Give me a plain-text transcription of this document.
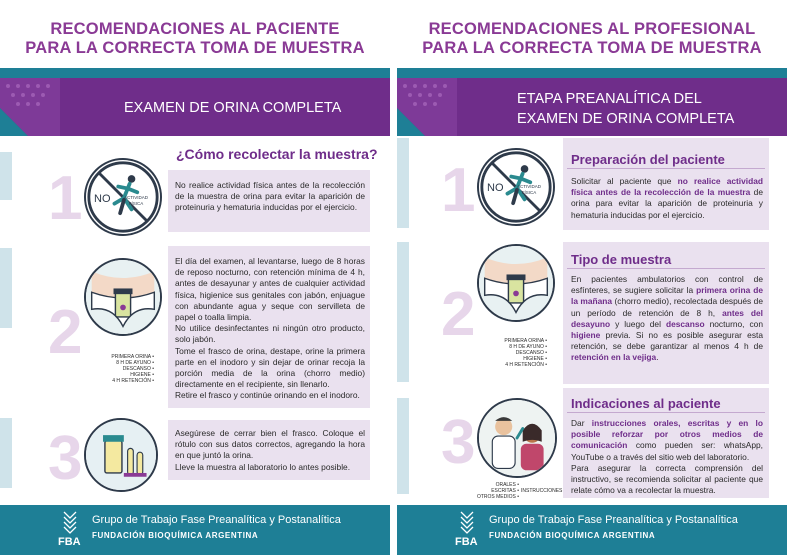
RECOMENDACIONES AL PACIENTE
PARA LA CORRECTA TOMA DE MUESTRA
EXAMEN DE ORINA COMPLETA
¿Cómo recolectar la muestra?
1 NO	ACTIVIDAD
FÍSICA
No realice actividad física antes de la recolección de la muestra de orina para evitar la aparición de proteinuria y hematuria inducidas por el ejercicio.
2	PRIMERA ORINA •
8 H DE AYUNO •
DESCANSO •
HIGIENE •
4 H RETENCIÓN •

El día del examen, al levantarse, luego de 8 horas de reposo nocturno, con retención mínima de 4 h, antes de desayunar y antes de cualquier actividad física, higienice sus genitales con jabón, enjuague con abundante agua y seque con servilleta de papel o toalla limpia.

No utilice desinfectantes ni ningún otro producto, solo jabón.

Tome el frasco de orina, destape, orine la primera parte en el inodoro y sin dejar de orinar recoja la porción media de la orina (chorro medio) directamente en el recipiente, sin llenarlo.

Retire el frasco y continúe orinando en el inodoro.

3	Asegúrese de cerrar bien el frasco. Coloque el rótulo con sus datos correctos, agregando la hora en que juntó la orina.

Lleve la muestra al laboratorio lo antes posible.

FBA
Grupo de Trabajo Fase Preanalítica y Postanalítica
FUNDACIÓN BIOQUÍMICA ARGENTINA
RECOMENDACIONES AL PROFESIONAL
PARA LA CORRECTA TOMA DE MUESTRA
ETAPA PREANALÍTICA DEL
EXAMEN DE ORINA COMPLETA
1 NO	ACTIVIDAD
FÍSICA
Preparación del paciente
Solicitar al paciente que no realice actividad física antes de la recolección de la muestra de orina para evitar la aparición de proteinuria y hematuria inducidas por el ejercicio.
2	PRIMERA ORINA •
8 H DE AYUNO •
DESCANSO •
HIGIENE •
4 H RETENCIÓN •
Tipo de muestra
En pacientes ambulatorios con control de esfínteres, se sugiere solicitar la primera orina de la mañana (chorro medio), recolectada después de un período de retención de 8 h, antes del desayuno y luego del descanso nocturno, con higiene previa. Si no es posible asegurar esta retención, se debe garantizar al menos 4 h de retención en la vejiga.
3
ORALES •
ESCRITAS •
OTROS MEDIOS •
INSTRUCCIONES
Indicaciones al paciente

Dar instrucciones orales, escritas y en lo posible reforzar por otros medios de comunicación como pueden ser: whatsApp, YouTube o a través del sitio web del laboratorio.

Para asegurar la correcta comprensión del instructivo, se recomienda solicitar al paciente que relate cómo va a recolectar la muestra.

FBA
Grupo de Trabajo Fase Preanalítica y Postanalítica
FUNDACIÓN BIOQUÍMICA ARGENTINA
